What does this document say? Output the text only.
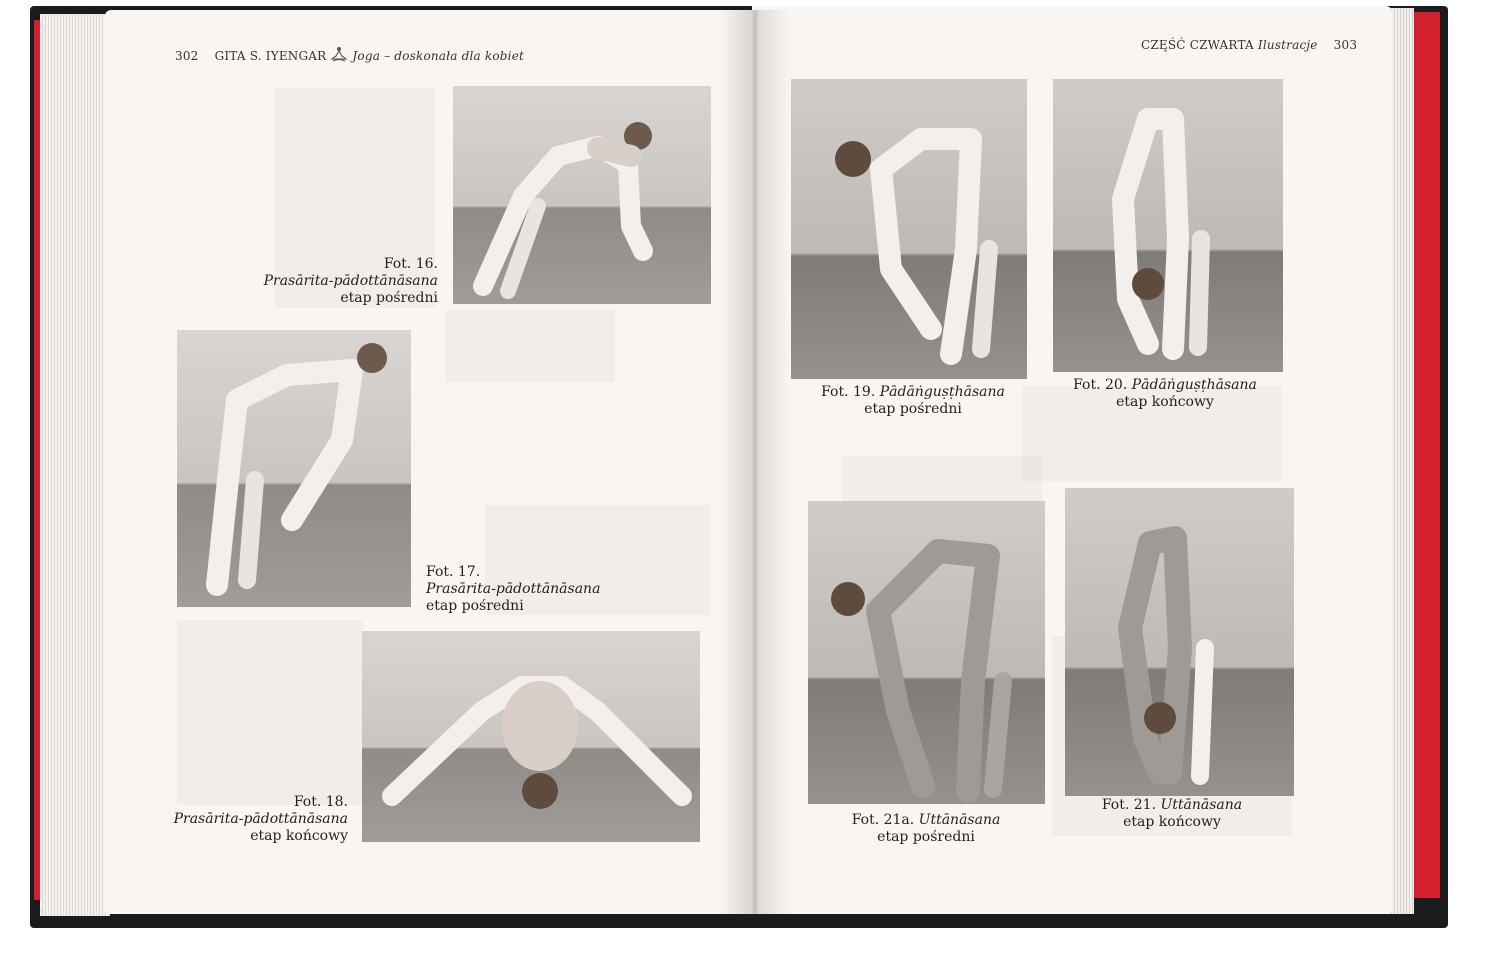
302 GITA S. IYENGAR Joga – doskonała dla kobiet
Fot. 16.
Prasārita-pādottānāsana
etap pośredni
Fot. 17.
Prasārita-pādottānāsana
etap pośredni
Fot. 18.
Prasārita-pādottānāsana
etap końcowy
CZĘŚĆ CZWARTA Ilustracje 303
Fot. 19. Pādāṅguṣṭhāsana
etap pośredni
Fot. 20. Pādāṅguṣṭhāsana
etap końcowy
Fot. 21a. Uttānāsana
etap pośredni
Fot. 21. Uttānāsana
etap końcowy
